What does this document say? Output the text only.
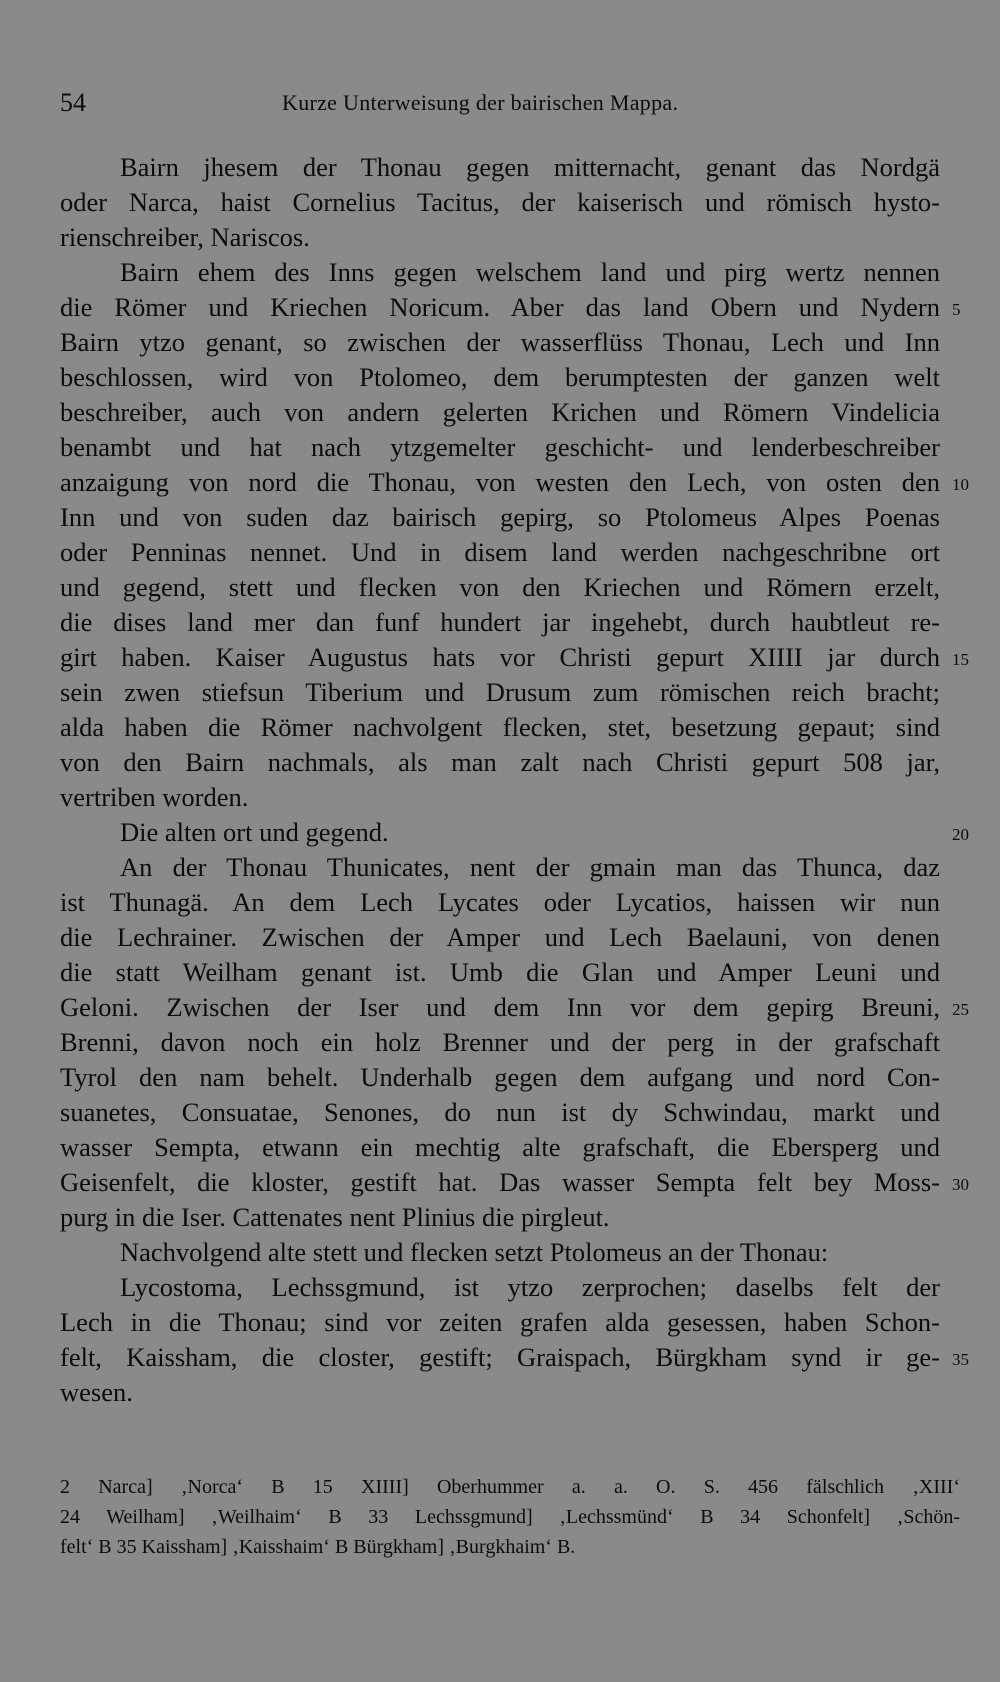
54	Kurze Unterweisung der bairischen Mappa.
Bairn jhesem der Thonau gegen mitternacht, genant das Nordgä
oder Narca, haist Cornelius Tacitus, der kaiserisch und römisch hysto-
rienschreiber, Nariscos.
Bairn ehem des Inns gegen welschem land und pirg wertz nennen
die Römer und Kriechen Noricum. Aber das land Obern und Nydern 5
Bairn ytzo genant, so zwischen der wasserflüss Thonau, Lech und Inn
beschlossen, wird von Ptolomeo, dem berumptesten der ganzen welt
beschreiber, auch von andern gelerten Krichen und Römern Vindelicia
benambt und hat nach ytzgemelter geschicht- und lenderbeschreiber
anzaigung von nord die Thonau, von westen den Lech, von osten den 10
Inn und von suden daz bairisch gepirg, so Ptolomeus Alpes Poenas
oder Penninas nennet. Und in disem land werden nachgeschribne ort
und gegend, stett und flecken von den Kriechen und Römern erzelt,
die dises land mer dan funf hundert jar ingehebt, durch haubtleut re-
girt haben. Kaiser Augustus hats vor Christi gepurt XIIII jar durch 15
sein zwen stiefsun Tiberium und Drusum zum römischen reich bracht;
alda haben die Römer nachvolgent flecken, stet, besetzung gepaut; sind
von den Bairn nachmals, als man zalt nach Christi gepurt 508 jar,
vertriben worden.
Die alten ort und gegend.	20
An der Thonau Thunicates, nent der gmain man das Thunca, daz
ist Thunagä. An dem Lech Lycates oder Lycatios, haissen wir nun
die Lechrainer. Zwischen der Amper und Lech Baelauni, von denen
die statt Weilham genant ist. Umb die Glan und Amper Leuni und
Geloni. Zwischen der Iser und dem Inn vor dem gepirg Breuni, 25
Brenni, davon noch ein holz Brenner und der perg in der grafschaft
Tyrol den nam behelt. Underhalb gegen dem aufgang und nord Con-
suanetes, Consuatae, Senones, do nun ist dy Schwindau, markt und
wasser Sempta, etwann ein mechtig alte grafschaft, die Ebersperg und
Geisenfelt, die kloster, gestift hat. Das wasser Sempta felt bey Moss- 30
purg in die Iser. Cattenates nent Plinius die pirgleut.
Nachvolgend alte stett und flecken setzt Ptolomeus an der Thonau:
Lycostoma, Lechssgmund, ist ytzo zerprochen; daselbs felt der
Lech in die Thonau; sind vor zeiten grafen alda gesessen, haben Schon-
felt, Kaissham, die closter, gestift; Graispach, Bürgkham synd ir ge- 35
wesen.
2 Narca] ‚Norca‘ B 15 XIIII] Oberhummer a. a. O. S. 456 fälschlich ‚XIII‘
24 Weilham] ‚Weilhaim‘ B 33 Lechssgmund] ‚Lechssmünd‘ B 34 Schonfelt] ‚Schön-
felt‘ B 35 Kaissham] ‚Kaisshaim‘ B Bürgkham] ‚Burgkhaim‘ B.
